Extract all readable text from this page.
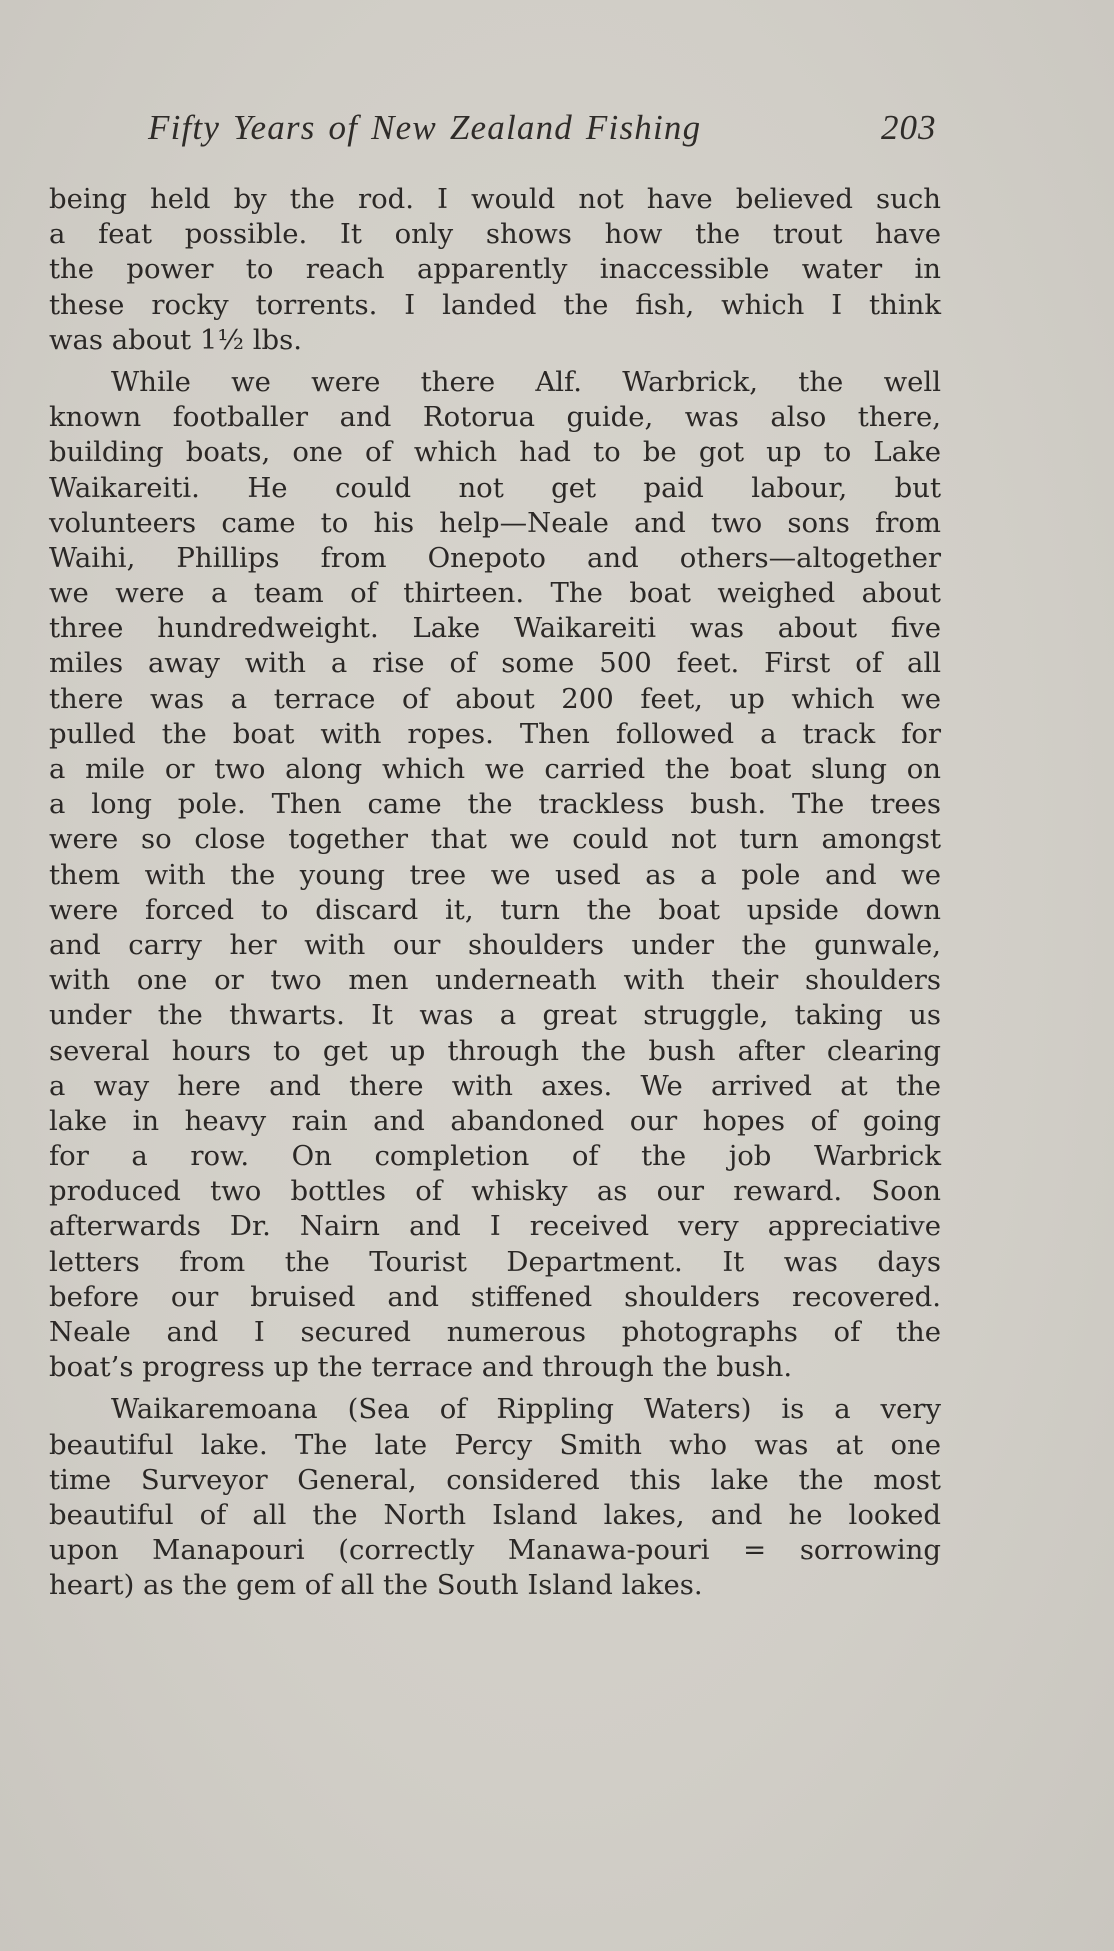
Fifty Years of New Zealand Fishing	203
being held by the rod. I would not have believed such
a feat possible. It only shows how the trout have
the power to reach apparently inaccessible water in
these rocky torrents. I landed the fish, which I think
was about 1½ lbs.
While we were there Alf. Warbrick, the well
known footballer and Rotorua guide, was also there,
building boats, one of which had to be got up to Lake
Waikareiti. He could not get paid labour, but
volunteers came to his help—Neale and two sons from
Waihi, Phillips from Onepoto and others—altogether
we were a team of thirteen. The boat weighed about
three hundredweight. Lake Waikareiti was about five
miles away with a rise of some 500 feet. First of all
there was a terrace of about 200 feet, up which we
pulled the boat with ropes. Then followed a track for
a mile or two along which we carried the boat slung on
a long pole. Then came the trackless bush. The trees
were so close together that we could not turn amongst
them with the young tree we used as a pole and we
were forced to discard it, turn the boat upside down
and carry her with our shoulders under the gunwale,
with one or two men underneath with their shoulders
under the thwarts. It was a great struggle, taking us
several hours to get up through the bush after clearing
a way here and there with axes. We arrived at the
lake in heavy rain and abandoned our hopes of going
for a row. On completion of the job Warbrick
produced two bottles of whisky as our reward. Soon
afterwards Dr. Nairn and I received very appreciative
letters from the Tourist Department. It was days
before our bruised and stiffened shoulders recovered.
Neale and I secured numerous photographs of the
boat’s progress up the terrace and through the bush.
Waikaremoana (Sea of Rippling Waters) is a very
beautiful lake. The late Percy Smith who was at one
time Surveyor General, considered this lake the most
beautiful of all the North Island lakes, and he looked
upon Manapouri (correctly Manawa-pouri = sorrowing
heart) as the gem of all the South Island lakes.
